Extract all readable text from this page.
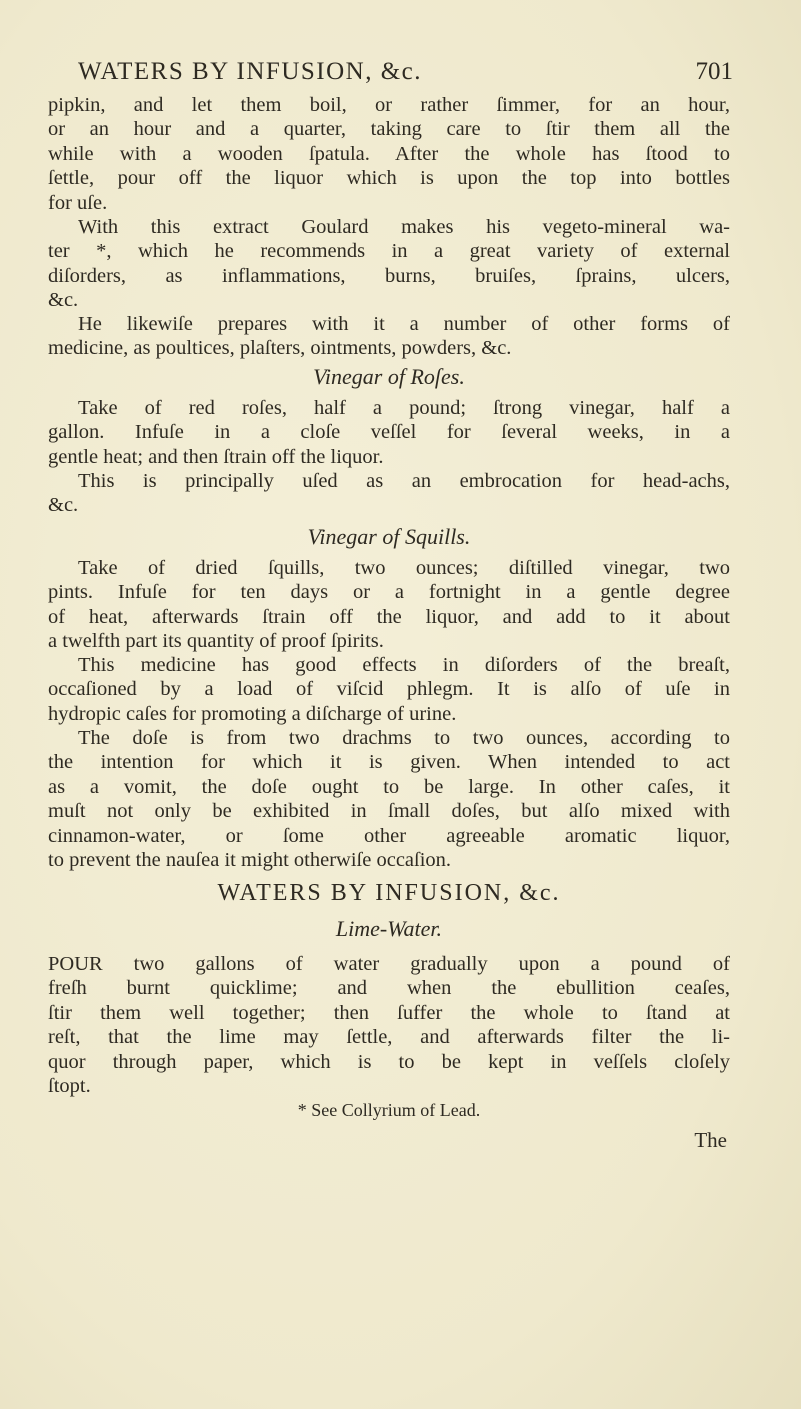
WATERS BY INFUSION, &c.	701
pipkin, and let them boil, or rather ſimmer, for an hour,
or an hour and a quarter, taking care to ſtir them all the
while with a wooden ſpatula. After the whole has ſtood to
ſettle, pour off the liquor which is upon the top into bottles
for uſe.
With this extract Goulard makes his vegeto-mineral wa-
ter *, which he recommends in a great variety of external
diſorders, as inflammations, burns, bruiſes, ſprains, ulcers,
&c.
He likewiſe prepares with it a number of other forms of
medicine, as poultices, plaſters, ointments, powders, &c.
Take of red roſes, half a pound; ſtrong vinegar, half a
gallon. Infuſe in a cloſe veſſel for ſeveral weeks, in a
gentle heat; and then ſtrain off the liquor.
This is principally uſed as an embrocation for head-achs,
&c.
Take of dried ſquills, two ounces; diſtilled vinegar, two
pints. Infuſe for ten days or a fortnight in a gentle degree
of heat, afterwards ſtrain off the liquor, and add to it about
a twelfth part its quantity of proof ſpirits.
This medicine has good effects in diſorders of the breaſt,
occaſioned by a load of viſcid phlegm. It is alſo of uſe in
hydropic caſes for promoting a diſcharge of urine.
The doſe is from two drachms to two ounces, according to
the intention for which it is given. When intended to act
as a vomit, the doſe ought to be large. In other caſes, it
muſt not only be exhibited in ſmall doſes, but alſo mixed with
cinnamon-water, or ſome other agreeable aromatic liquor,
to prevent the nauſea it might otherwiſe occaſion.
POUR two gallons of water gradually upon a pound of
freſh burnt quicklime; and when the ebullition ceaſes,
ſtir them well together; then ſuffer the whole to ſtand at
reſt, that the lime may ſettle, and afterwards filter the li-
quor through paper, which is to be kept in veſſels cloſely
ſtopt.
Vinegar of Roſes.
Vinegar of Squills.
WATERS BY INFUSION, &c.
Lime-Water.
* See Collyrium of Lead.
The
